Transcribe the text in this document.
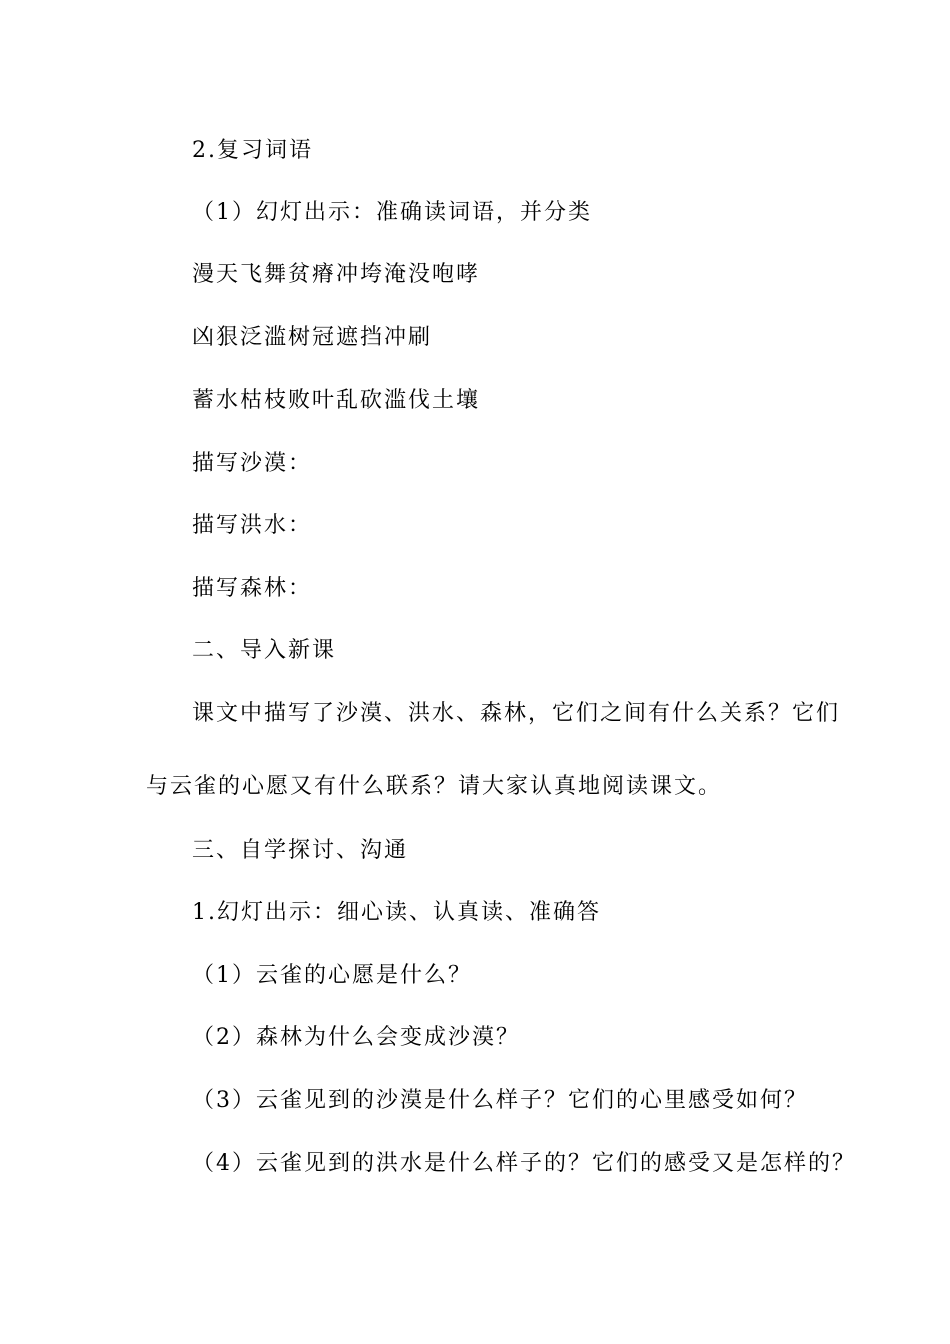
2.复习词语
（1）幻灯出示：准确读词语，并分类
漫天飞舞贫瘠冲垮淹没咆哮
凶狠泛滥树冠遮挡冲刷
蓄水枯枝败叶乱砍滥伐土壤
描写沙漠：
描写洪水：
描写森林：
二、导入新课
课文中描写了沙漠、洪水、森林，它们之间有什么关系？它们
与云雀的心愿又有什么联系？请大家认真地阅读课文。
三、自学探讨、沟通
1.幻灯出示：细心读、认真读、准确答
（1）云雀的心愿是什么？
（2）森林为什么会变成沙漠？
（3）云雀见到的沙漠是什么样子？它们的心里感受如何？
（4）云雀见到的洪水是什么样子的？它们的感受又是怎样的？
